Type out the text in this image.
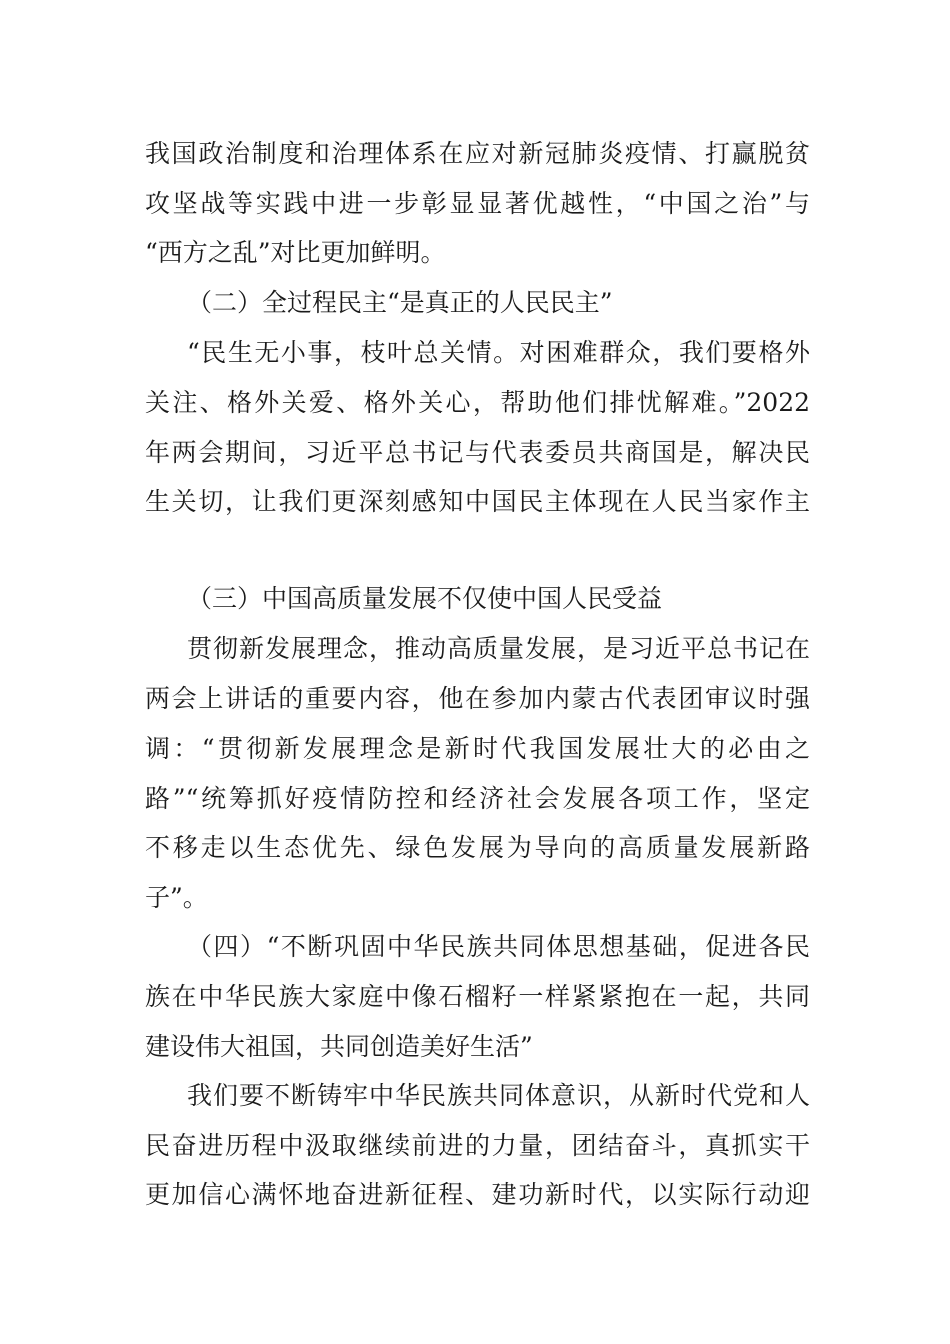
我国政治制度和治理体系在应对新冠肺炎疫情、打赢脱贫
攻坚战等实践中进一步彰显显著优越性，“中国之治”与
“西方之乱”对比更加鲜明。
（二）全过程民主“是真正的人民民主”
“民生无小事，枝叶总关情。对困难群众，我们要格外
关注、格外关爱、格外关心，帮助他们排忧解难。”2022
年两会期间，习近平总书记与代表委员共商国是，解决民
生关切，让我们更深刻感知中国民主体现在人民当家作主
（三）中国高质量发展不仅使中国人民受益
贯彻新发展理念，推动高质量发展，是习近平总书记在
两会上讲话的重要内容，他在参加内蒙古代表团审议时强
调：“贯彻新发展理念是新时代我国发展壮大的必由之
路”“统筹抓好疫情防控和经济社会发展各项工作，坚定
不移走以生态优先、绿色发展为导向的高质量发展新路
子”。
（四）“不断巩固中华民族共同体思想基础，促进各民
族在中华民族大家庭中像石榴籽一样紧紧抱在一起，共同
建设伟大祖国，共同创造美好生活”
我们要不断铸牢中华民族共同体意识，从新时代党和人
民奋进历程中汲取继续前进的力量，团结奋斗，真抓实干
更加信心满怀地奋进新征程、建功新时代，以实际行动迎
